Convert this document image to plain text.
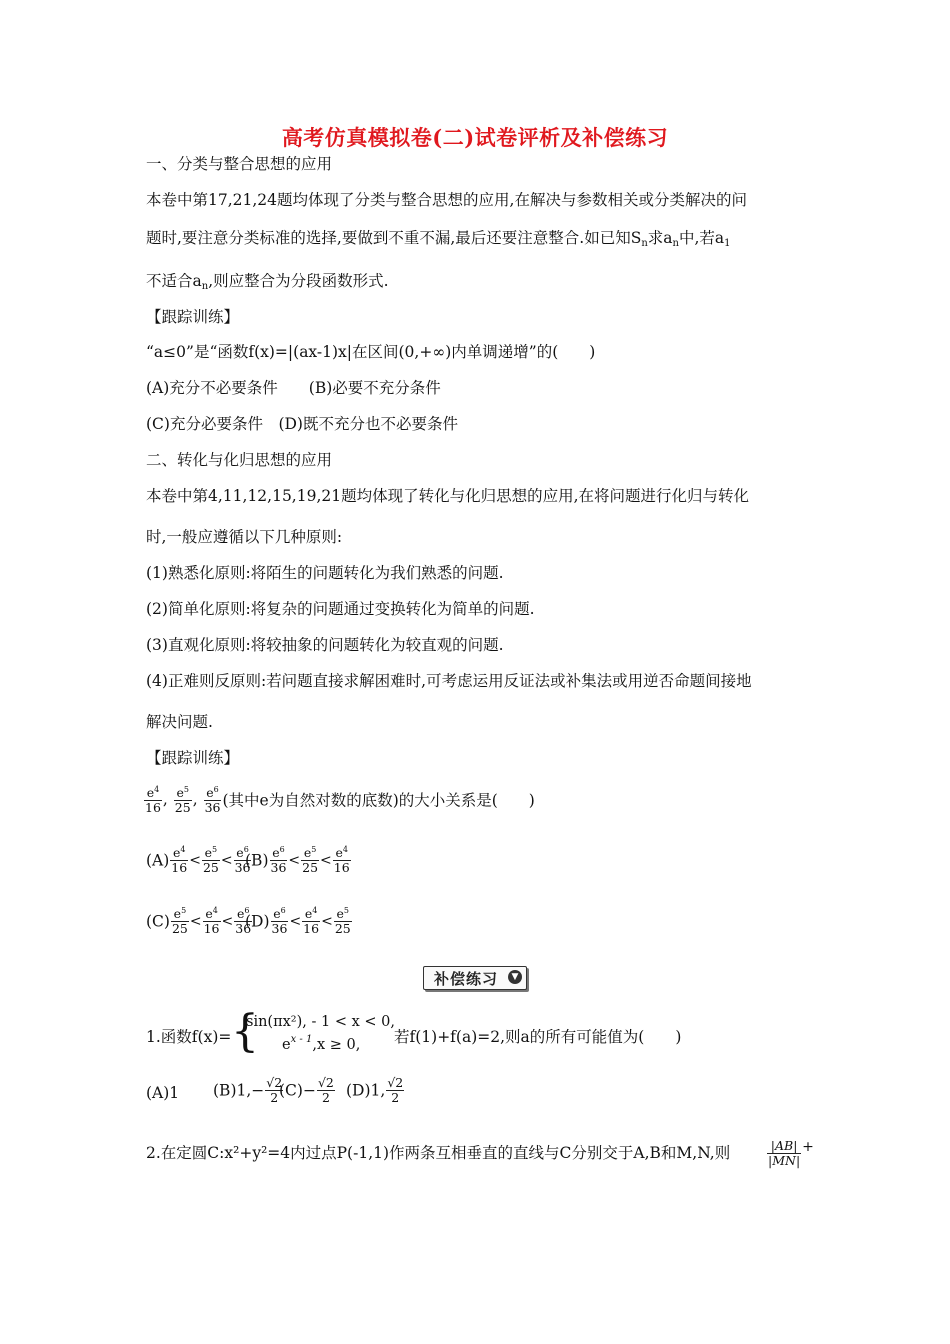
高考仿真模拟卷(二)试卷评析及补偿练习
一、分类与整合思想的应用
本卷中第17,21,24题均体现了分类与整合思想的应用,在解决与参数相关或分类解决的问
题时,要注意分类标准的选择,要做到不重不漏,最后还要注意整合.如已知$S_n$求$a_n$中,若$a_1$
不适合$a_n$,则应整合为分段函数形式.
【跟踪训练】
“a≤0”是“函数f(x)=|(ax-1)x|在区间(0,+∞)内单调递增”的(　　)
(A)充分不必要条件　　(B)必要不充分条件
(C)充分必要条件　(D)既不充分也不必要条件
二、转化与化归思想的应用
本卷中第4,11,12,15,19,21题均体现了转化与化归思想的应用,在将问题进行化归与转化
时,一般应遵循以下几种原则:
(1)熟悉化原则:将陌生的问题转化为我们熟悉的问题.
(2)简单化原则:将复杂的问题通过变换转化为简单的问题.
(3)直观化原则:将较抽象的问题转化为较直观的问题.
(4)正难则反原则:若问题直接求解困难时,可考虑运用反证法或补集法或用逆否命题间接地
解决问题.
【跟踪训练】
$\frac{e^4}{16}$ , $\frac{e^5}{25}$ , $\frac{e^6}{36}$ (其中e为自然对数的底数)的大小关系是(　　)
$(A) \frac{e^4}{16} < \frac{e^5}{25} < \frac{e^6}{36}$
$(B) \frac{e^6}{36} < \frac{e^5}{25} < \frac{e^4}{16}$
$(C) \frac{e^5}{25} < \frac{e^4}{16} < \frac{e^6}{36}$
$(D) \frac{e^6}{36} < \frac{e^4}{16} < \frac{e^5}{25}$
补偿练习	▼
1.函数f(x)= {
sin(πx²), - 1 < x < 0,
$e^{x - 1},x \ge 0$, 若f(1)+f(a)=2,则a的所有可能值为(　　)
(A)1 $(B)1,- \frac{√2}{2}$
$(C)- \frac{√2}{2} (D)1$, $\frac{√2}{2}$
2.在定圆C:x²+y²=4内过点P(-1,1)作两条互相垂直的直线与C分别交于A,B和M,N,则	$\frac{|AB|}{|MN|}$ +
